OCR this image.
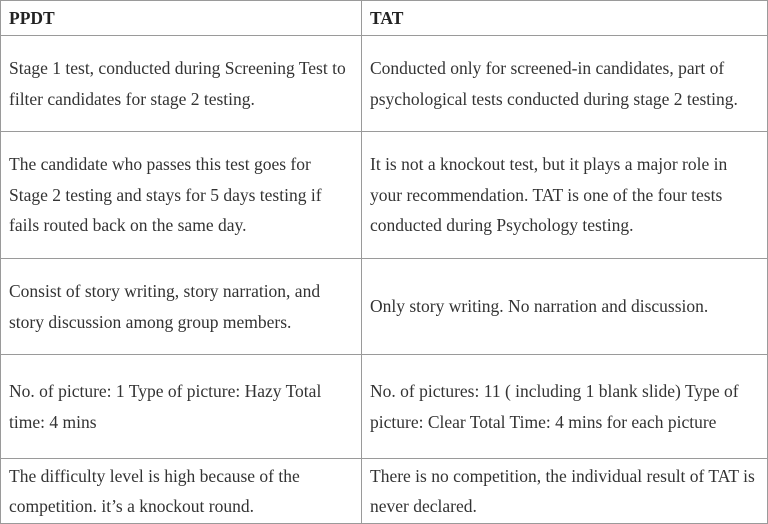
PPDT	TAT
Stage 1 test, conducted during Screening Test to filter candidates for stage 2 testing.	Conducted only for screened-in candidates, part of psychological tests conducted during stage 2 testing.
The candidate who passes this test goes for Stage 2 testing and stays for 5 days testing if fails routed back on the same day.	It is not a knockout test, but it plays a major role in your recommendation. TAT is one of the four tests conducted during Psychology testing.
Consist of story writing, story narration, and story discussion among group members.	Only story writing. No narration and discussion.
No. of picture: 1 Type of picture: Hazy Total time: 4 mins	No. of pictures: 11 ( including 1 blank slide) Type of picture: Clear Total Time: 4 mins for each picture
The difficulty level is high because of the competition. it’s a knockout round.	There is no competition, the individual result of TAT is never declared.
